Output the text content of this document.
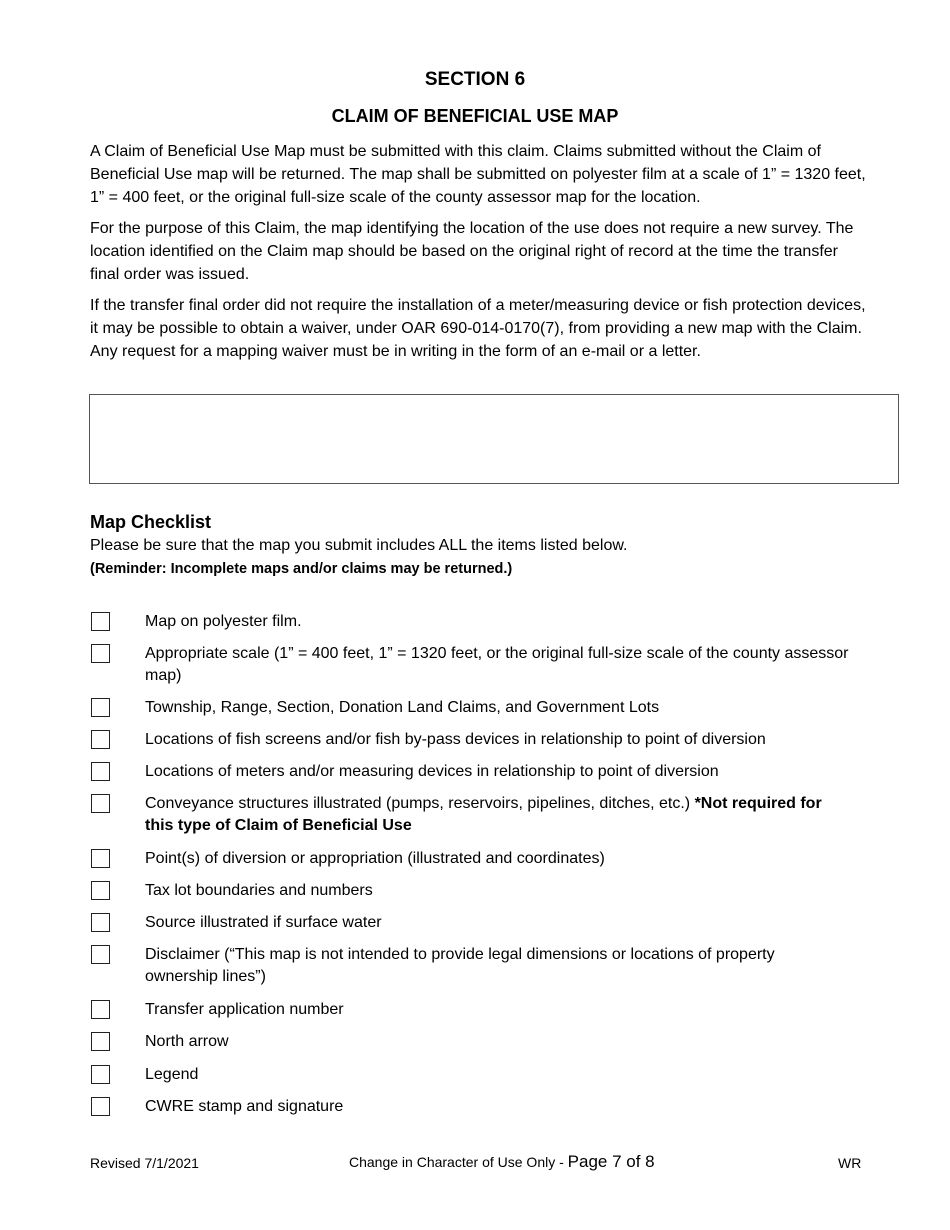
SECTION 6
CLAIM OF BENEFICIAL USE MAP

A Claim of Beneficial Use Map must be submitted with this claim. Claims submitted without the Claim of Beneficial Use map will be returned. The map shall be submitted on polyester film at a scale of 1” = 1320 feet, 1” = 400 feet, or the original full-size scale of the county assessor map for the location.

For the purpose of this Claim, the map identifying the location of the use does not require a new survey. The location identified on the Claim map should be based on the original right of record at the time the transfer final order was issued.

If the transfer final order did not require the installation of a meter/measuring device or fish protection devices, it may be possible to obtain a waiver, under OAR 690-014-0170(7), from providing a new map with the Claim. Any request for a mapping waiver must be in writing in the form of an e-mail or a letter.

Map Checklist
Please be sure that the map you submit includes ALL the items listed below.
(Reminder: Incomplete maps and/or claims may be returned.)
Map on polyester film.
Appropriate scale (1” = 400 feet, 1” = 1320 feet, or the original full-size scale of the county assessor map)
Township, Range, Section, Donation Land Claims, and Government Lots
Locations of fish screens and/or fish by-pass devices in relationship to point of diversion
Locations of meters and/or measuring devices in relationship to point of diversion
Conveyance structures illustrated (pumps, reservoirs, pipelines, ditches, etc.) *Not required for this type of Claim of Beneficial Use
Point(s) of diversion or appropriation (illustrated and coordinates)
Tax lot boundaries and numbers
Source illustrated if surface water
Disclaimer (“This map is not intended to provide legal dimensions or locations of property ownership lines”)
Transfer application number
North arrow
Legend
CWRE stamp and signature
Revised 7/1/2021	Change in Character of Use Only - Page 7 of 8	WR
